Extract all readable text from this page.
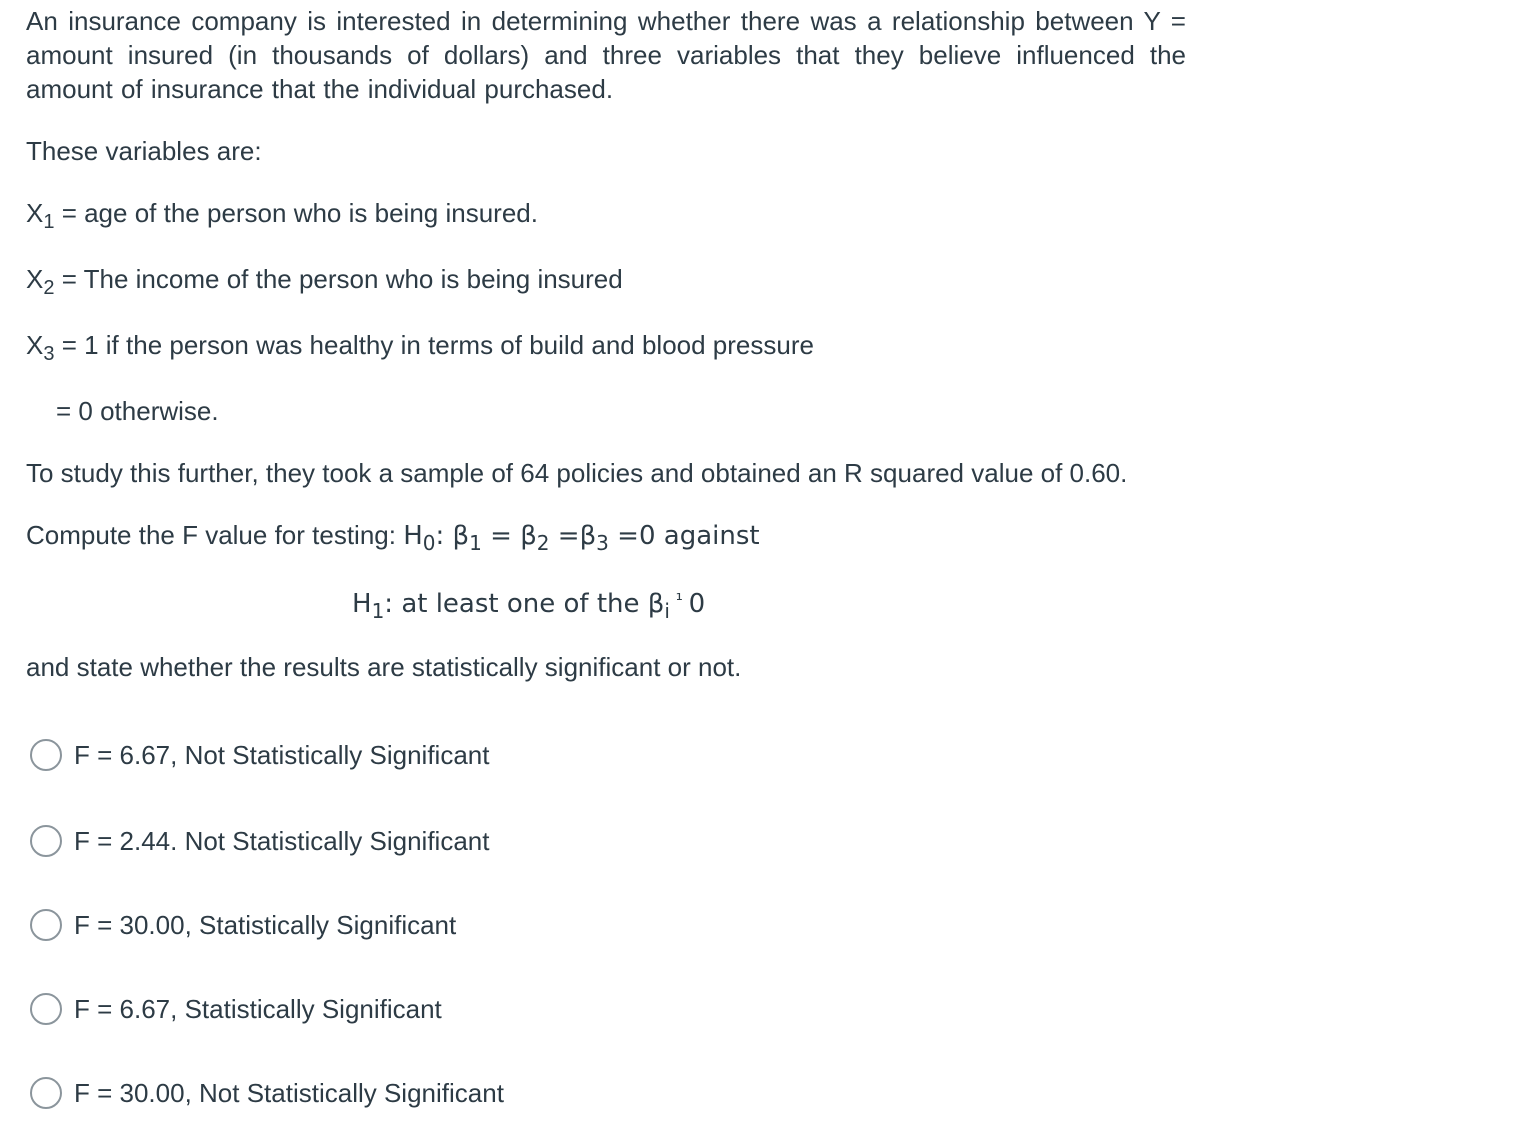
An insurance company is interested in determining whether there was a relationship between Y = amount insured (in thousands of dollars) and three variables that they believe influenced the amount of insurance that the individual purchased.

These variables are:

$X_1$ = age of the person who is being insured.

$X_2$ = The income of the person who is being insured

$X_3 = 1$ if the person was healthy in terms of build and blood pressure

= 0 otherwise.

To study this further, they took a sample of 64 policies and obtained an R squared value of 0.60.

Compute the F value for testing: $H_0$: $\beta_1 = \beta_2 =\beta_3 =0$ against

$H_1$: at least one of the $\beta_i$ $^{^1}$ 0

and state whether the results are statistically significant or not.

F = 6.67, Not Statistically Significant
F = 2.44. Not Statistically Significant
F = 30.00, Statistically Significant
F = 6.67, Statistically Significant
F = 30.00, Not Statistically Significant
